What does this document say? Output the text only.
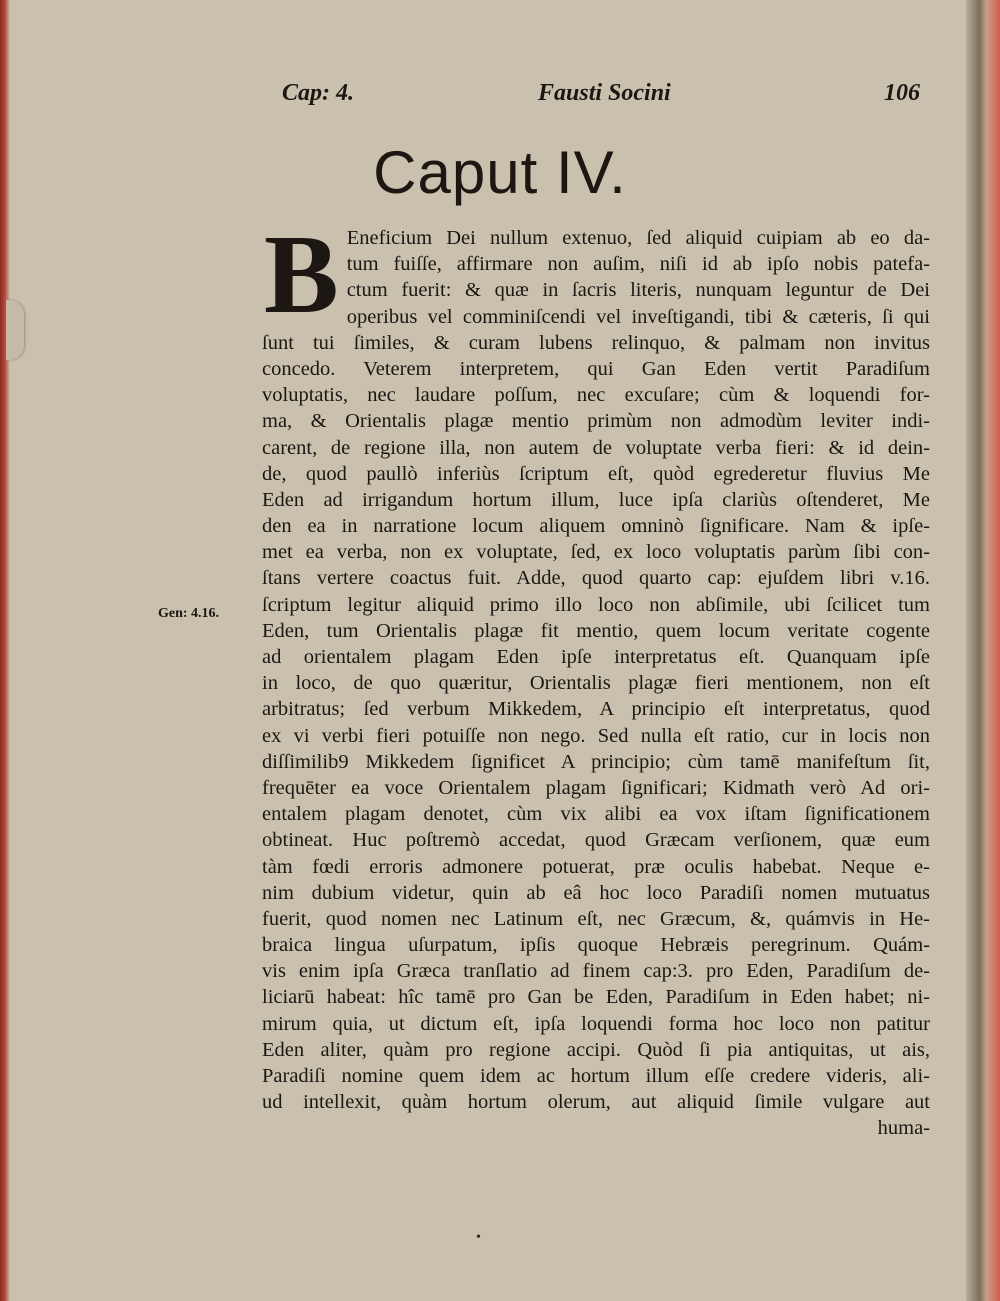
Cap: 4.	Fausti Socini	106
Caput IV.
Gen: 4.16.
B Eneficium Dei nullum extenuo, ſed aliquid cuipiam ab eo da-
tum fuiſſe, affirmare non auſim, niſi id ab ipſo nobis patefa-
ctum fuerit: & quæ in ſacris literis, nunquam leguntur de Dei
operibus vel comminiſcendi vel inveſtigandi, tibi & cæteris, ſi qui
ſunt tui ſimiles, & curam lubens relinquo, & palmam non invitus
concedo. Veterem interpretem, qui Gan Eden vertit Paradiſum
voluptatis, nec laudare poſſum, nec excuſare; cùm & loquendi for-
ma, & Orientalis plagæ mentio primùm non admodùm leviter indi-
carent, de regione illa, non autem de voluptate verba fieri: & id dein-
de, quod paullò inferiùs ſcriptum eſt, quòd egrederetur fluvius Me
Eden ad irrigandum hortum illum, luce ipſa clariùs oſtenderet, Me
den ea in narratione locum aliquem omninò ſignificare. Nam & ipſe-
met ea verba, non ex voluptate, ſed, ex loco voluptatis parùm ſibi con-
ſtans vertere coactus fuit. Adde, quod quarto cap: ejuſdem libri v.16.
ſcriptum legitur aliquid primo illo loco non abſimile, ubi ſcilicet tum
Eden, tum Orientalis plagæ fit mentio, quem locum veritate cogente
ad orientalem plagam Eden ipſe interpretatus eſt. Quanquam ipſe
in loco, de quo quæritur, Orientalis plagæ fieri mentionem, non eſt
arbitratus; ſed verbum Mikkedem, A principio eſt interpretatus, quod
ex vi verbi fieri potuiſſe non nego. Sed nulla eſt ratio, cur in locis non
diſſimilib9 Mikkedem ſignificet A principio; cùm tamē manifeſtum ſit,
frequēter ea voce Orientalem plagam ſignificari; Kidmath verò Ad ori-
entalem plagam denotet, cùm vix alibi ea vox iſtam ſignificationem
obtineat. Huc poſtremò accedat, quod Græcam verſionem, quæ eum
tàm fœdi erroris admonere potuerat, præ oculis habebat. Neque e-
nim dubium videtur, quin ab eâ hoc loco Paradiſi nomen mutuatus
fuerit, quod nomen nec Latinum eſt, nec Græcum, &, quámvis in He-
braica lingua uſurpatum, ipſis quoque Hebræis peregrinum. Quám-
vis enim ipſa Græca tranſlatio ad finem cap:3. pro Eden, Paradiſum de-
liciarū habeat: hîc tamē pro Gan be Eden, Paradiſum in Eden habet; ni-
mirum quia, ut dictum eſt, ipſa loquendi forma hoc loco non patitur
Eden aliter, quàm pro regione accipi. Quòd ſi pia antiquitas, ut ais,
Paradiſi nomine quem idem ac hortum illum eſſe credere videris, ali-
ud intellexit, quàm hortum olerum, aut aliquid ſimile vulgare aut
huma-
•
